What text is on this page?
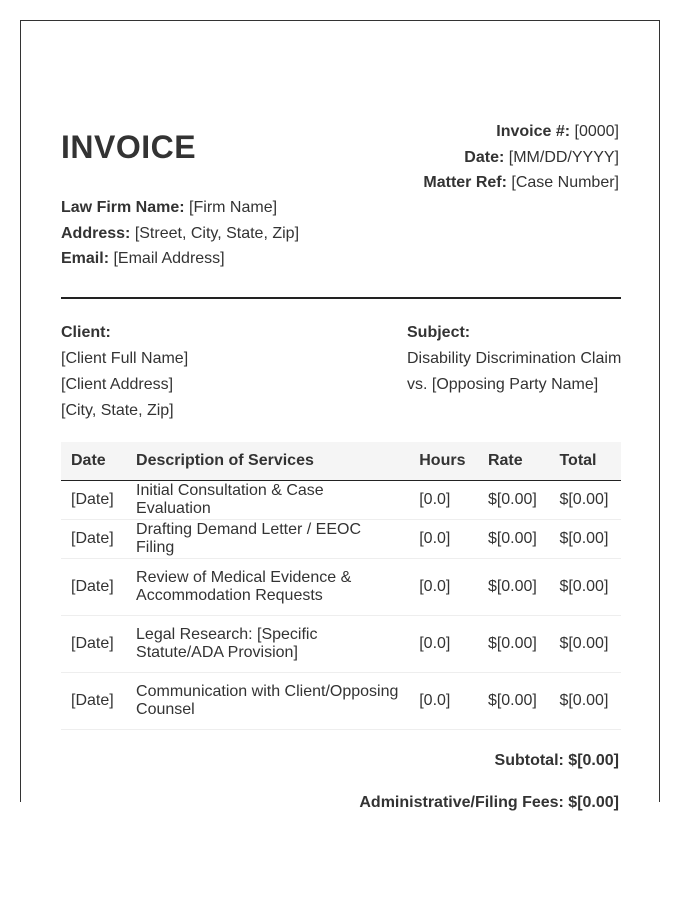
INVOICE	Invoice #: [0000]
Date: [MM/DD/YYYY]
Matter Ref: [Case Number]
Law Firm Name: [Firm Name]
Address: [Street, City, State, Zip]
Email: [Email Address]
Client:
[Client Full Name]
[Client Address]
[City, State, Zip]
Subject:
Disability Discrimination Claim
vs. [Opposing Party Name]
Date	Description of Services	Hours	Rate	Total
[Date]	Initial Consultation & Case Evaluation	[0.0]	$[0.00]	$[0.00]
[Date]	Drafting Demand Letter / EEOC Filing	[0.0]	$[0.00]	$[0.00]
[Date]	Review of Medical Evidence & Accommodation Requests	[0.0]	$[0.00]	$[0.00]
[Date]	Legal Research: [Specific Statute/ADA Provision]	[0.0]	$[0.00]	$[0.00]
[Date]	Communication with Client/Opposing Counsel	[0.0]	$[0.00]	$[0.00]
Subtotal: $[0.00]
Administrative/Filing Fees: $[0.00]
